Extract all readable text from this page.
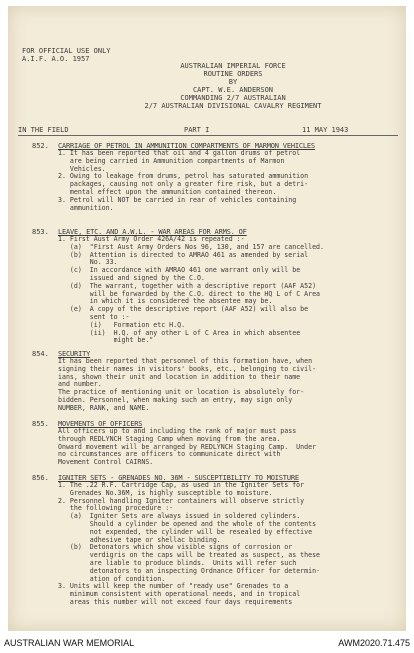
FOR OFFICIAL USE ONLY
A.I.F. A.O. 1957
AUSTRALIAN IMPERIAL FORCE
ROUTINE ORDERS
BY
CAPT. W.E. ANDERSON
COMMANDING 2/7 AUSTRALIAN
2/7 AUSTRALIAN DIVISIONAL CAVALRY REGIMENT
IN THE FIELD	PART I	11 MAY 1943
852. CARRIAGE OF PETROL IN AMMUNITION COMPARTMENTS OF MARMON VEHICLES
1. It has been reported that oil and 4 gallon drums of petrol
are being carried in Ammunition compartments of Marmon
Vehicles.
2. Owing to leakage from drums, petrol has saturated ammunition
packages, causing not only a greater fire risk, but a detri-
mental effect upon the ammunition contained thereon.
3. Petrol will NOT be carried in rear of vehicles containing
ammunition.
853. LEAVE, ETC. AND A.W.L. - WAR AREAS FOR ARMS. OF
1. First Aust Army Order 426A/42 is repeated :-
(a)  "First Aust Army Orders Nos 96, 130, and 157 are cancelled.
(b)  Attention is directed to AMRAO 461 as amended by serial
No. 33.
(c)  In accordance with AMRAO 461 one warrant only will be
issued and signed by the C.O.
(d)  The warrant, together with a descriptive report (AAF A52)
will be forwarded by the C.O. direct to the HQ L of C Area
in which it is considered the absentee may be.
(e)  A copy of the descriptive report (AAF A52) will also be
sent to :-
(i)   Formation etc H.Q.
(ii)  H.Q. of any other L of C Area in which absentee
might be."
854. SECURITY
It has been reported that personnel of this formation have, when
signing their names in visitors' books, etc., belonging to civil-
ians, shown their unit and location in addition to their name
and number.
The practice of mentioning unit or location is absolutely for-
bidden. Personnel, when making such an entry, may sign only
NUMBER, RANK, and NAME.
855. MOVEMENTS OF OFFICERS
All officers up to and including the rank of major must pass
through REDLYNCH Staging Camp when moving from the area.
Onward movement will be arranged by REDLYNCH Staging Camp.  Under
no circumstances are officers to communicate direct with
Movement Control CAIRNS.
856. IGNITER SETS - GRENADES NO. 36M - SUSCEPTIBILITY TO MOISTURE
1. The .22 R.F. Cartridge Cap, as used in the Igniter Sets for
Grenades No.36M, is highly susceptible to moisture.
2. Personnel handling Igniter containers will observe strictly
the following procedure :-
(a)  Igniter Sets are always issued in soldered cylinders.
Should a cylinder be opened and the whole of the contents
not expended, the cylinder will be resealed by effective
adhesive tape or shellac binding.
(b)  Detonators which show visible signs of corrosion or
verdigris on the caps will be treated as suspect, as these
are liable to produce blinds.  Units will refer such
detonators to an inspecting Ordnance Officer for determin-
ation of condition.
3. Units will keep the number of "ready use" Grenades to a
minimum consistent with operational needs, and in tropical
areas this number will not exceed four days requirements
AUSTRALIAN WAR MEMORIAL	AWM2020.71.475
